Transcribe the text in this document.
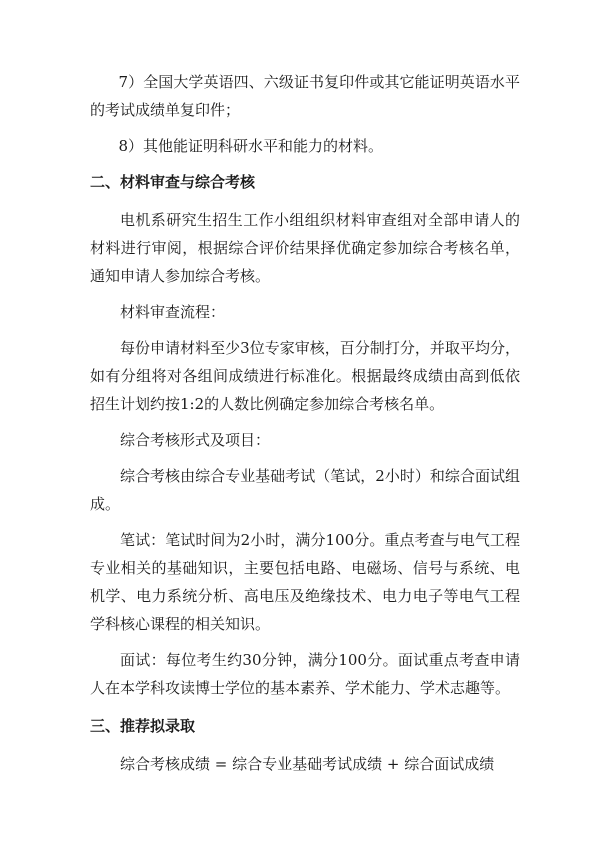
7）全国大学英语四、六级证书复印件或其它能证明英语水平的考试成绩单复印件；

8）其他能证明科研水平和能力的材料。

二、材料审查与综合考核

电机系研究生招生工作小组组织材料审查组对全部申请人的材料进行审阅，根据综合评价结果择优确定参加综合考核名单，通知申请人参加综合考核。

材料审查流程：

每份申请材料至少3位专家审核，百分制打分，并取平均分，如有分组将对各组间成绩进行标准化。根据最终成绩由高到低依招生计划约按1:2的人数比例确定参加综合考核名单。

综合考核形式及项目：

综合考核由综合专业基础考试（笔试，2小时）和综合面试组成。

笔试：笔试时间为2小时，满分100分。重点考查与电气工程专业相关的基础知识，主要包括电路、电磁场、信号与系统、电机学、电力系统分析、高电压及绝缘技术、电力电子等电气工程学科核心课程的相关知识。

面试：每位考生约30分钟，满分100分。面试重点考查申请人在本学科攻读博士学位的基本素养、学术能力、学术志趣等。

三、推荐拟录取

综合考核成绩 = 综合专业基础考试成绩 + 综合面试成绩
